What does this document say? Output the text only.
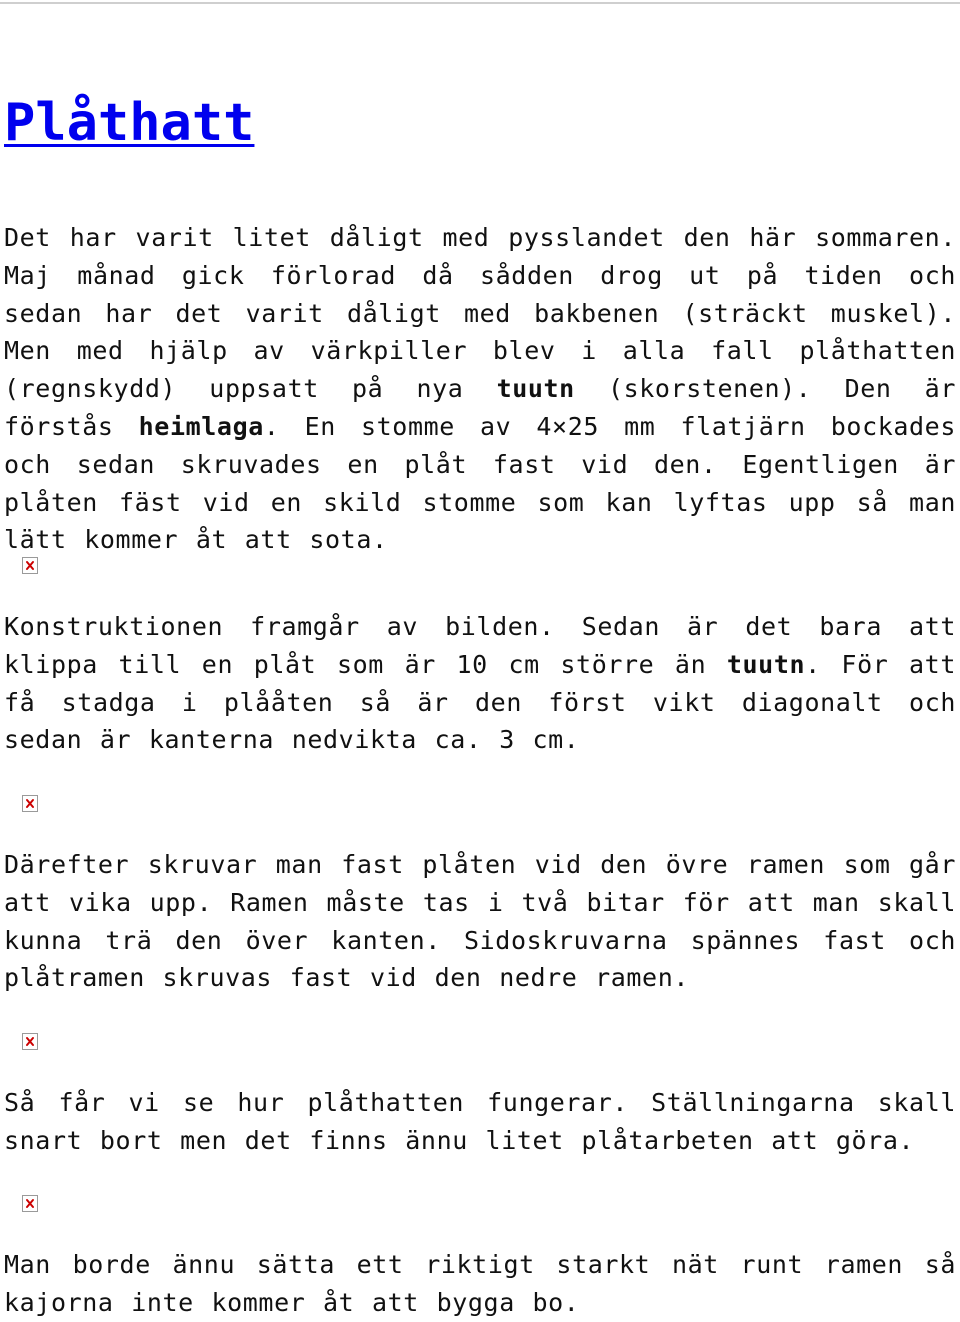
Plåthatt

Det har varit litet dåligt med pysslandet den här sommaren. Maj månad gick förlorad då sådden drog ut på tiden och sedan har det varit dåligt med bakbenen (sträckt muskel). Men med hjälp av värkpiller blev i alla fall plåthatten (regnskydd) uppsatt på nya tuutn (skorstenen). Den är förstås heimlaga. En stomme av 4×25 mm flatjärn bockades och sedan skruvades en plåt fast vid den. Egentligen är plåten fäst vid en skild stomme som kan lyftas upp så man lätt kommer åt att sota.

Konstruktionen framgår av bilden. Sedan är det bara att klippa till en plåt som är 10 cm större än tuutn. För att få stadga i plååten så är den först vikt diagonalt och sedan är kanterna nedvikta ca. 3 cm.

Därefter skruvar man fast plåten vid den övre ramen som går att vika upp. Ramen måste tas i två bitar för att man skall kunna trä den över kanten. Sidoskruvarna spännes fast och plåtramen skruvas fast vid den nedre ramen.

Så får vi se hur plåthatten fungerar. Ställningarna skall snart bort men det finns ännu litet plåtarbeten att göra.

Man borde ännu sätta ett riktigt starkt nät runt ramen så kajorna inte kommer åt att bygga bo.
